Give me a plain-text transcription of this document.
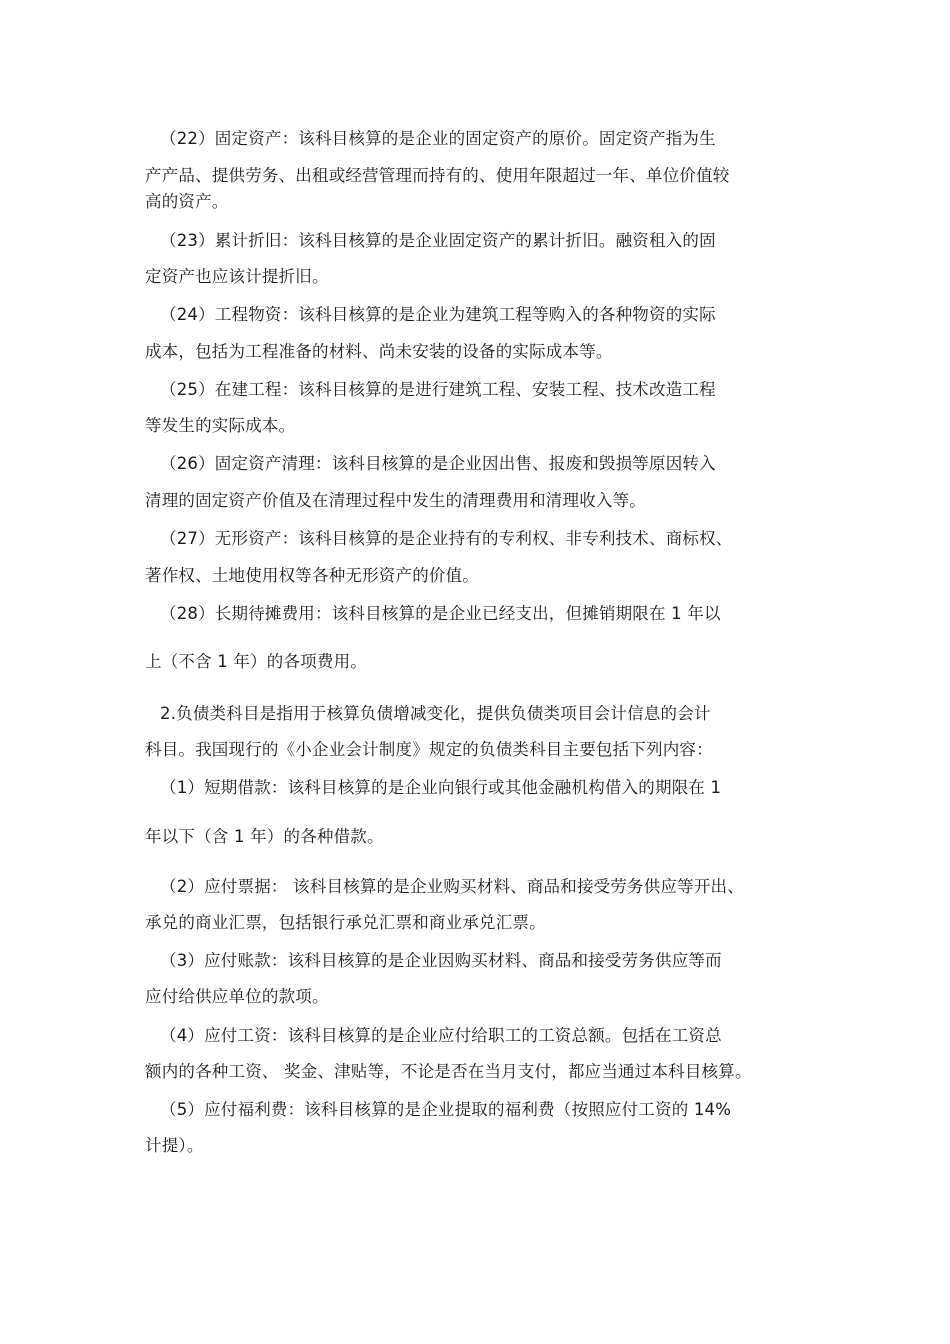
（22）固定资产：该科目核算的是企业的固定资产的原价。固定资产指为生
产产品、提供劳务、出租或经营管理而持有的、使用年限超过一年、单位价值较
高的资产。
（23）累计折旧：该科目核算的是企业固定资产的累计折旧。融资租入的固
定资产也应该计提折旧。
（24）工程物资：该科目核算的是企业为建筑工程等购入的各种物资的实际
成本，包括为工程准备的材料、尚未安装的设备的实际成本等。
（25）在建工程：该科目核算的是进行建筑工程、安装工程、技术改造工程
等发生的实际成本。
（26）固定资产清理：该科目核算的是企业因出售、报废和毁损等原因转入
清理的固定资产价值及在清理过程中发生的清理费用和清理收入等。
（27）无形资产：该科目核算的是企业持有的专利权、非专利技术、商标权、
著作权、土地使用权等各种无形资产的价值。
（28）长期待摊费用：该科目核算的是企业已经支出，但摊销期限在 1 年以
上（不含 1 年）的各项费用。
2.负债类科目是指用于核算负债增减变化，提供负债类项目会计信息的会计
科目。我国现行的《小企业会计制度》规定的负债类科目主要包括下列内容：
（1）短期借款：该科目核算的是企业向银行或其他金融机构借入的期限在 1
年以下（含 1 年）的各种借款。
（2）应付票据： 该科目核算的是企业购买材料、商品和接受劳务供应等开出、
承兑的商业汇票，包括银行承兑汇票和商业承兑汇票。
（3）应付账款：该科目核算的是企业因购买材料、商品和接受劳务供应等而
应付给供应单位的款项。
（4）应付工资：该科目核算的是企业应付给职工的工资总额。包括在工资总
额内的各种工资、 奖金、津贴等，不论是否在当月支付，都应当通过本科目核算。
（5）应付福利费：该科目核算的是企业提取的福利费（按照应付工资的 14%
计提）。
